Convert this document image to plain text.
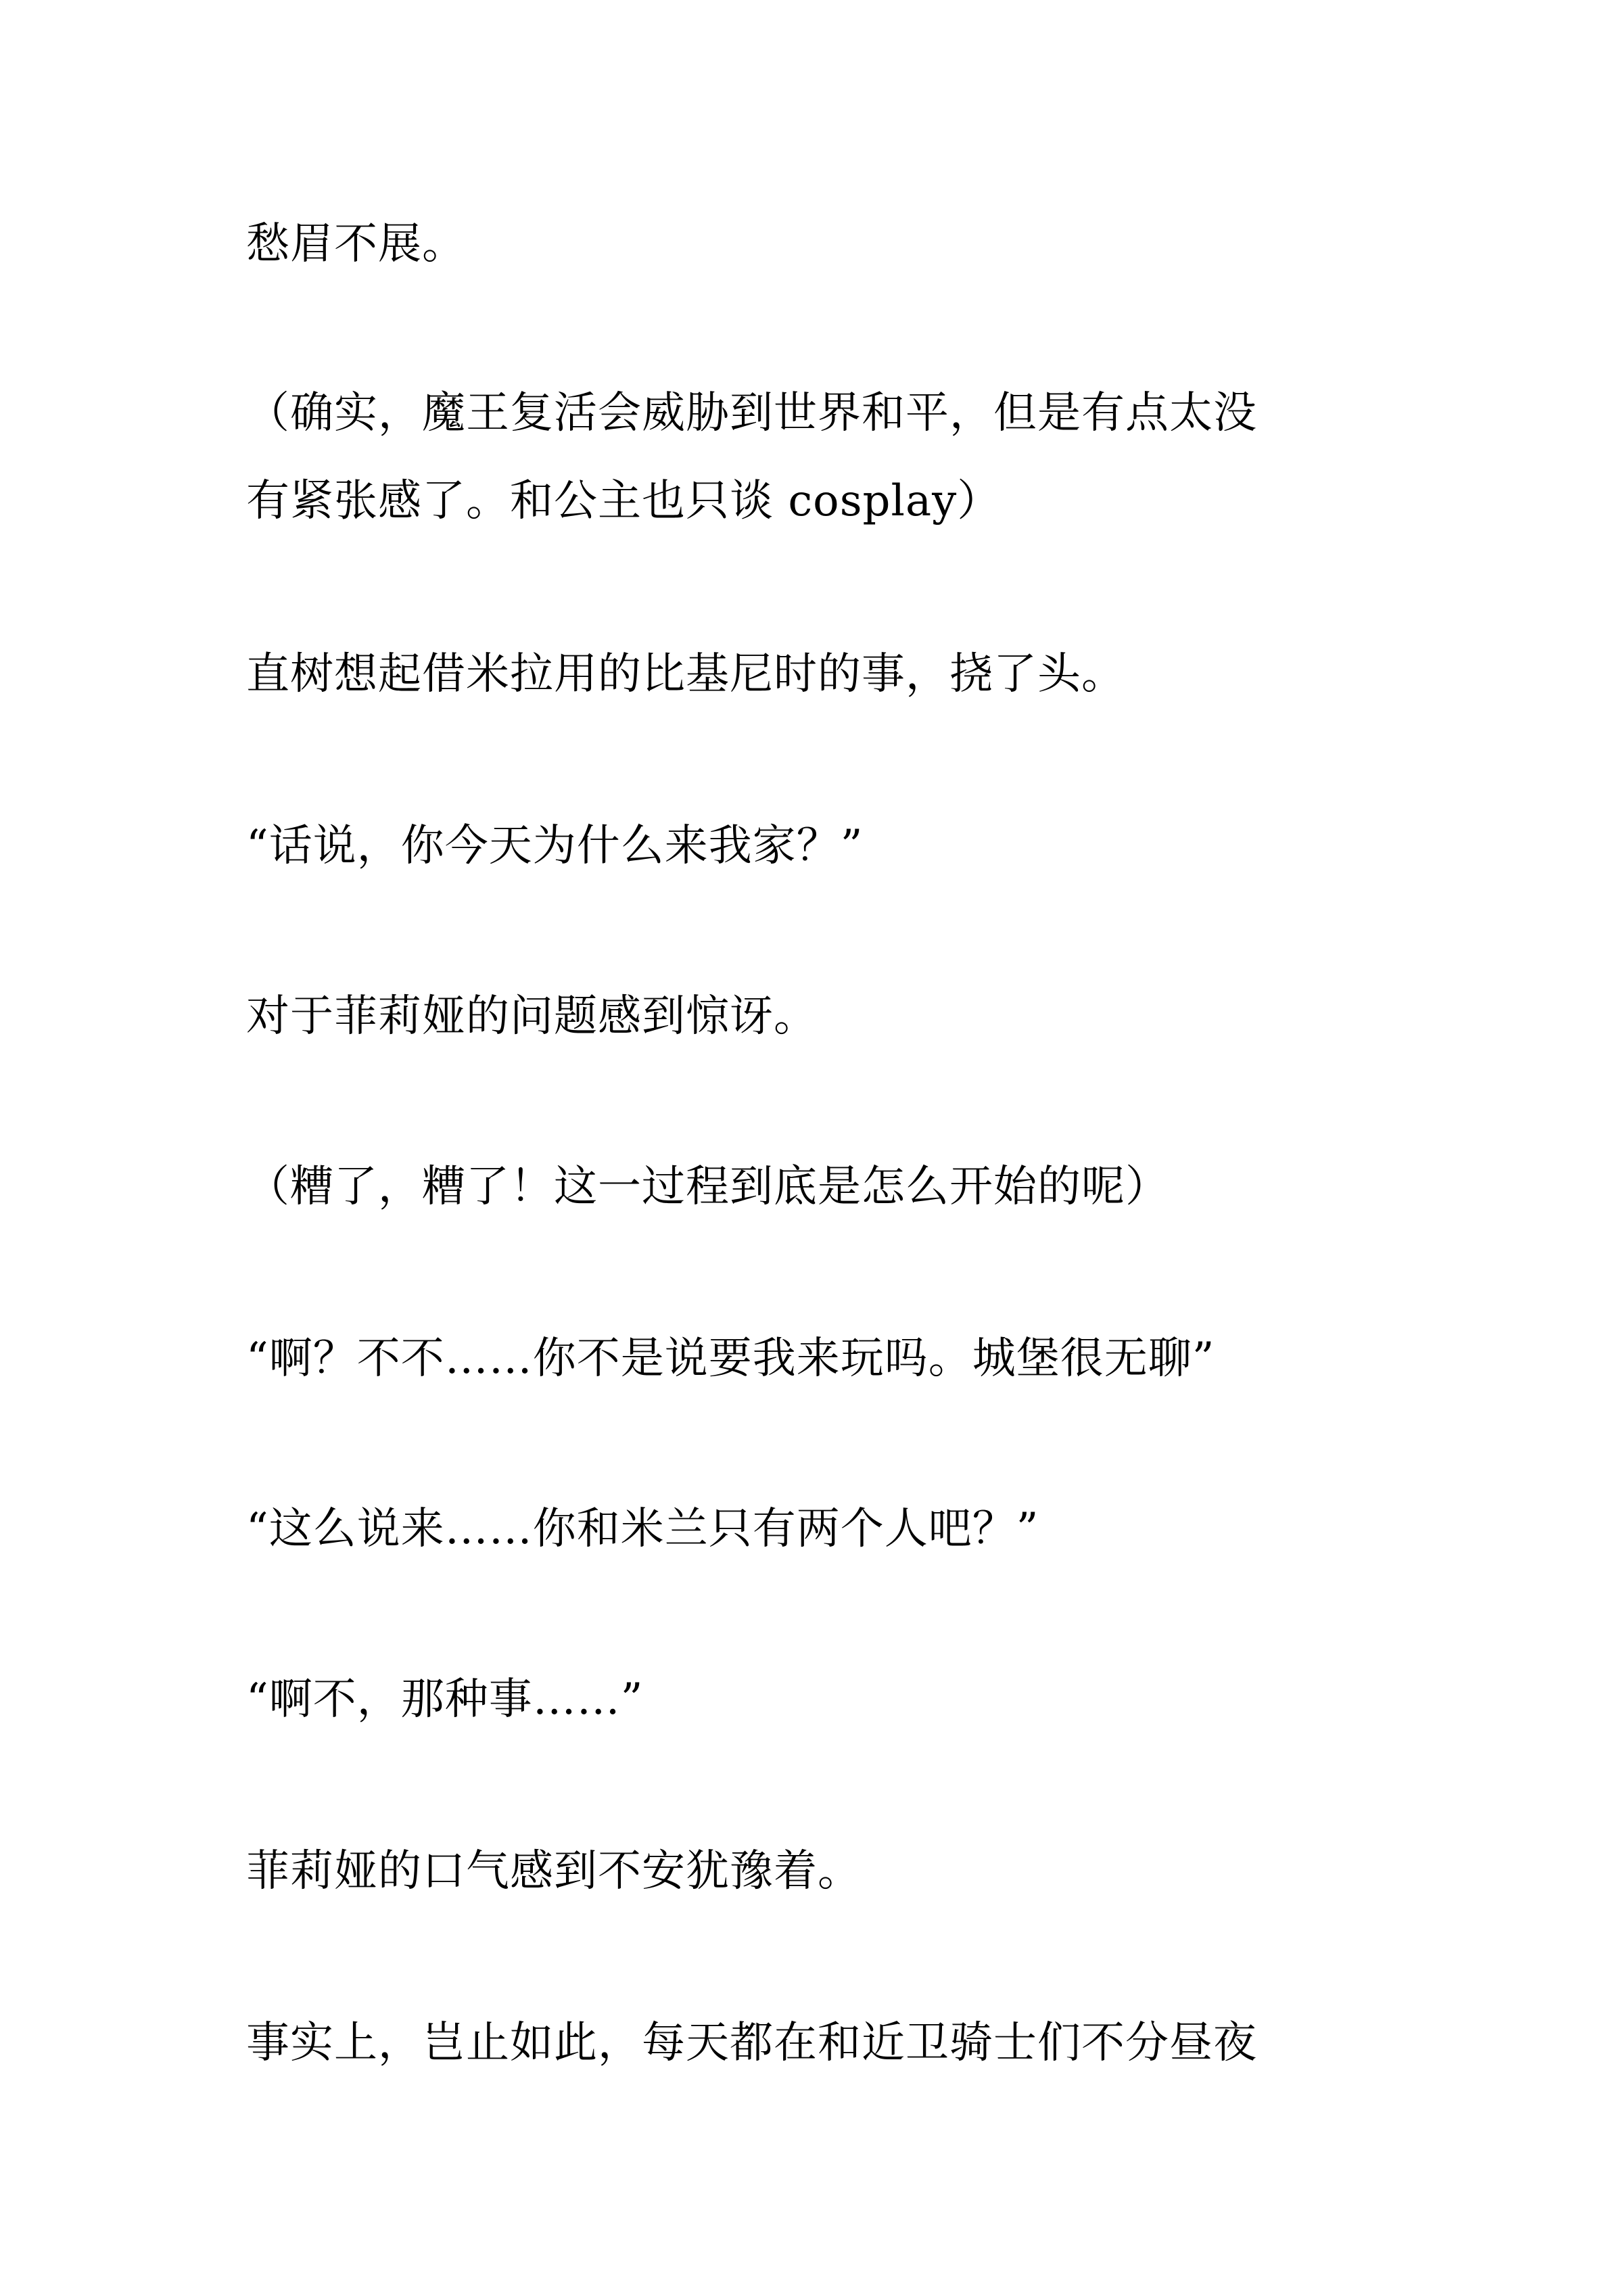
愁眉不展。

（确实，魔王复活会威胁到世界和平，但是有点太没
有紧张感了。和公主也只谈 cosplay）

直树想起借米拉用的比基尼时的事，挠了头。

“话说，你今天为什么来我家？”

对于菲莉娅的问题感到惊讶。

（糟了，糟了！这一过程到底是怎么开始的呢）

“啊？不不……你不是说要我来玩吗。城堡很无聊”

“这么说来……你和米兰只有两个人吧？”

“啊不，那种事……”

菲莉娅的口气感到不安犹豫着。

事实上，岂止如此，每天都在和近卫骑士们不分昼夜
